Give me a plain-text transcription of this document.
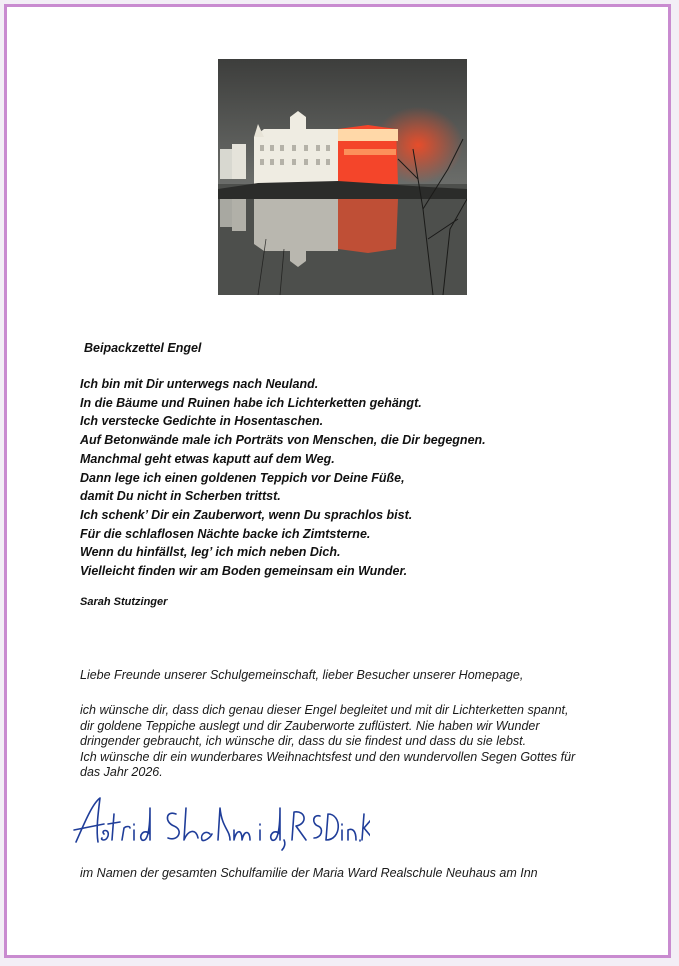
Beipackzettel Engel
Ich bin mit Dir unterwegs nach Neuland.
In die Bäume und Ruinen habe ich Lichterketten gehängt.
Ich verstecke Gedichte in Hosentaschen.
Auf Betonwände male ich Porträts von Menschen, die Dir begegnen.
Manchmal geht etwas kaputt auf dem Weg.
Dann lege ich einen goldenen Teppich vor Deine Füße,
damit Du nicht in Scherben trittst.
Ich schenk’ Dir ein Zauberwort, wenn Du sprachlos bist.
Für die schlaflosen Nächte backe ich Zimtsterne.
Wenn du hinfällst, leg’ ich mich neben Dich.
Vielleicht finden wir am Boden gemeinsam ein Wunder.
Sarah Stutzinger
Liebe Freunde unserer Schulgemeinschaft, lieber Besucher unserer Homepage,
ich wünsche dir, dass dich genau dieser Engel begleitet und mit dir Lichterketten spannt,
dir goldene Teppiche auslegt und dir Zauberworte zuflüstert. Nie haben wir Wunder
dringender gebraucht, ich wünsche dir, dass du sie findest und dass du sie lebst.
Ich wünsche dir ein wunderbares Weihnachtsfest und den wundervollen Segen Gottes für
das Jahr 2026.
im Namen der gesamten Schulfamilie der Maria Ward Realschule Neuhaus am Inn
